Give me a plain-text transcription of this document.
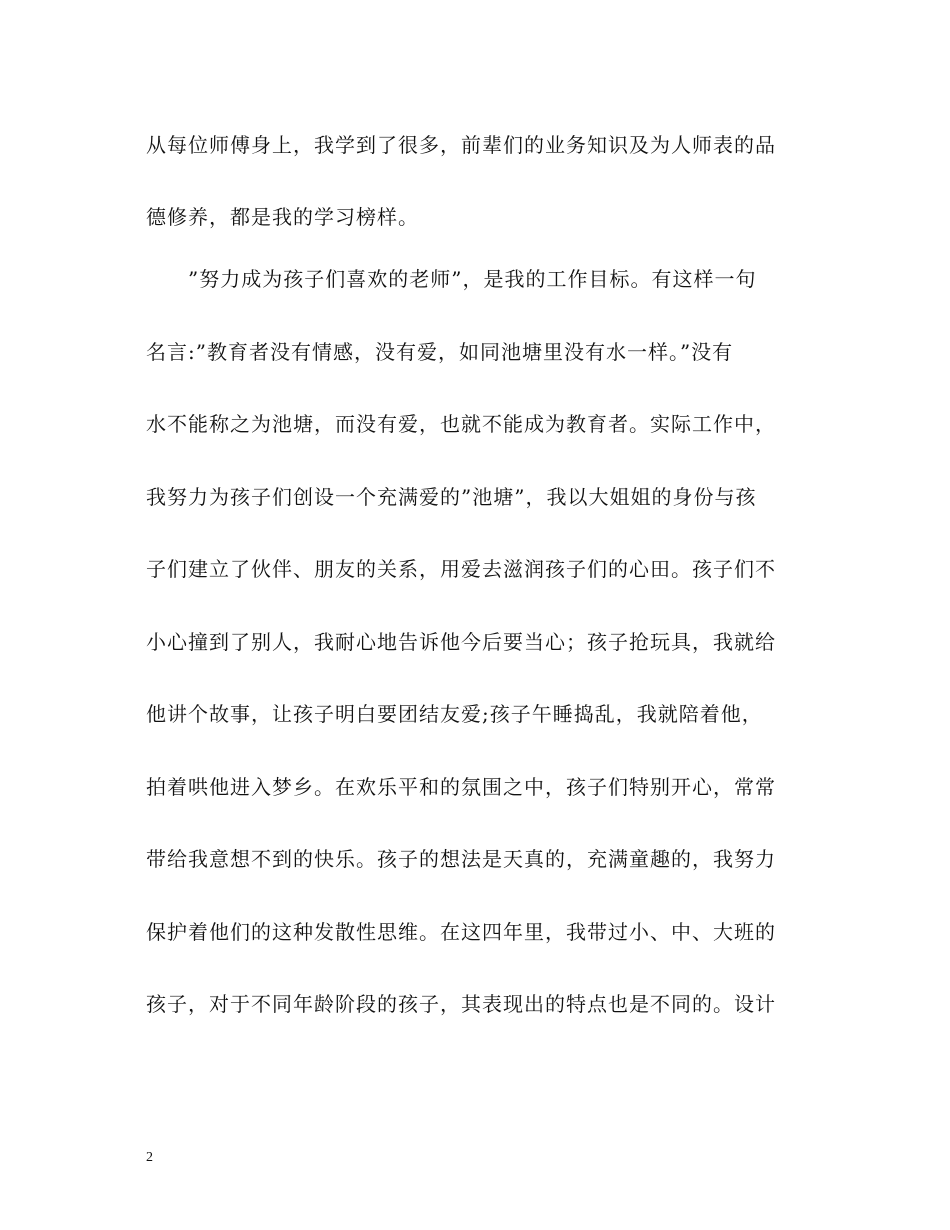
从每位师傅身上，我学到了很多，前辈们的业务知识及为人师表的品
德修养，都是我的学习榜样。
　　”努力成为孩子们喜欢的老师”，是我的工作目标。有这样一句
名言:”教育者没有情感，没有爱，如同池塘里没有水一样。”没有
水不能称之为池塘，而没有爱，也就不能成为教育者。实际工作中，
我努力为孩子们创设一个充满爱的”池塘”，我以大姐姐的身份与孩
子们建立了伙伴、朋友的关系，用爱去滋润孩子们的心田。孩子们不
小心撞到了别人，我耐心地告诉他今后要当心；孩子抢玩具，我就给
他讲个故事，让孩子明白要团结友爱;孩子午睡捣乱，我就陪着他，
拍着哄他进入梦乡。在欢乐平和的氛围之中，孩子们特别开心，常常
带给我意想不到的快乐。孩子的想法是天真的，充满童趣的，我努力
保护着他们的这种发散性思维。在这四年里，我带过小、中、大班的
孩子，对于不同年龄阶段的孩子，其表现出的特点也是不同的。设计
2
